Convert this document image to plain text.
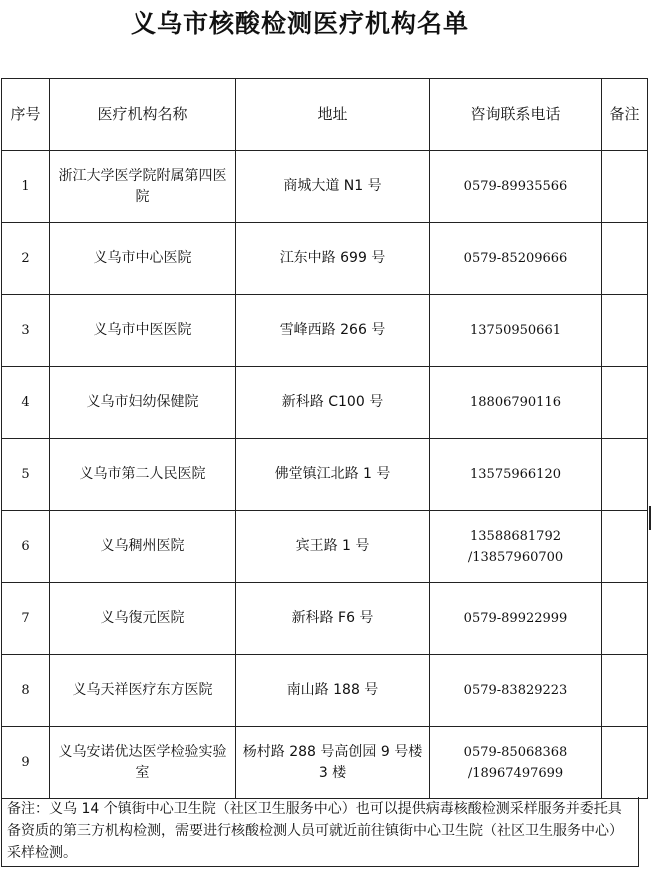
义乌市核酸检测医疗机构名单
序号	医疗机构名称	地址	咨询联系电话	备注
1	浙江大学医学院附属第四医院	商城大道 N1 号	0579-89935566	
2	义乌市中心医院	江东中路 699 号	0579-85209666	
3	义乌市中医医院	雪峰西路 266 号	13750950661	
4	义乌市妇幼保健院	新科路 C100 号	18806790116	
5	义乌市第二人民医院	佛堂镇江北路 1 号	13575966120	
6	义乌稠州医院	宾王路 1 号	13588681792 /13857960700	
7	义乌復元医院	新科路 F6 号	0579-89922999	
8	义乌天祥医疗东方医院	南山路 188 号	0579-83829223	
9	义乌安诺优达医学检验实验室	杨村路 288 号高创园 9 号楼 3 楼	0579-85068368 /18967497699	
备注：义乌 14 个镇街中心卫生院（社区卫生服务中心）也可以提供病毒核酸检测采样服务并委托具备资质的第三方机构检测，需要进行核酸检测人员可就近前往镇街中心卫生院（社区卫生服务中心）采样检测。
